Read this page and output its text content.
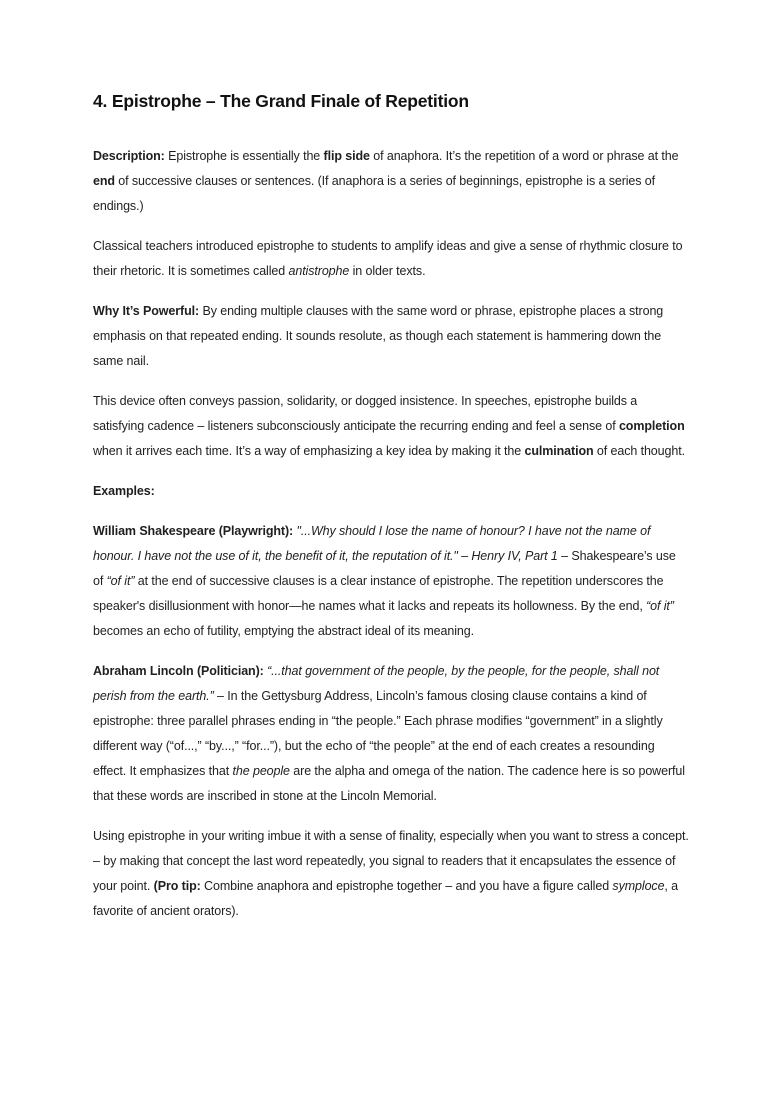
4. Epistrophe – The Grand Finale of Repetition

Description: Epistrophe is essentially the flip side of anaphora. It’s the repetition of a word or phrase at the end of successive clauses or sentences. (If anaphora is a series of beginnings, epistrophe is a series of endings.)

Classical teachers introduced epistrophe to students to amplify ideas and give a sense of rhythmic closure to their rhetoric. It is sometimes called antistrophe in older texts.

Why It’s Powerful: By ending multiple clauses with the same word or phrase, epistrophe places a strong emphasis on that repeated ending. It sounds resolute, as though each statement is hammering down the same nail.

This device often conveys passion, solidarity, or dogged insistence. In speeches, epistrophe builds a satisfying cadence – listeners subconsciously anticipate the recurring ending and feel a sense of completion when it arrives each time. It’s a way of emphasizing a key idea by making it the culmination of each thought.

Examples:

William Shakespeare (Playwright): "...Why should I lose the name of honour? I have not the name of honour. I have not the use of it, the benefit of it, the reputation of it." – Henry IV, Part 1 – Shakespeare’s use of “of it” at the end of successive clauses is a clear instance of epistrophe. The repetition underscores the speaker's disillusionment with honor—he names what it lacks and repeats its hollowness. By the end, “of it” becomes an echo of futility, emptying the abstract ideal of its meaning.

Abraham Lincoln (Politician): “...that government of the people, by the people, for the people, shall not perish from the earth.” – In the Gettysburg Address, Lincoln’s famous closing clause contains a kind of epistrophe: three parallel phrases ending in “the people.” Each phrase modifies “government” in a slightly different way (“of...,” “by...,” “for...”), but the echo of “the people” at the end of each creates a resounding effect. It emphasizes that the people are the alpha and omega of the nation. The cadence here is so powerful that these words are inscribed in stone at the Lincoln Memorial.

Using epistrophe in your writing imbue it with a sense of finality, especially when you want to stress a concept. – by making that concept the last word repeatedly, you signal to readers that it encapsulates the essence of your point. (Pro tip: Combine anaphora and epistrophe together – and you have a figure called symploce, a favorite of ancient orators).
